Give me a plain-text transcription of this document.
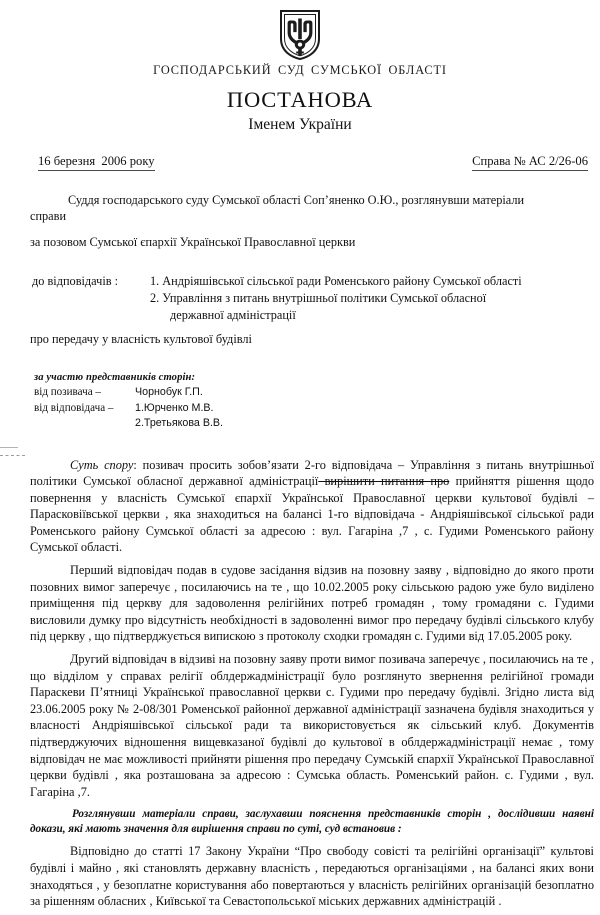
ГОСПОДАРСЬКИЙ СУД СУМСЬКОЇ ОБЛАСТІ
ПОСТАНОВА
Іменем України
16 березня  2006 року	Справа № АС 2/26-06
Суддя господарського суду Сумської області Соп’яненко О.Ю., розглянувши матеріали
справи
за позовом Сумської єпархії Української Православної церкви
до відповідачів :	1. Андріяшівської сільської ради Роменського району Сумської області
2. Управління з питань внутрішньої політики Сумської обласної
державної адміністрації
про передачу у власність культової будівлі
за участю представників сторін:
від позивача –	Чорнобук Г.П.
від відповідача –	1.Юрченко М.В.
2.Третьякова В.В.
Суть спору: позивач просить зобов’язати 2-го відповідача – Управління з питань внутрішньої політики Сумської обласної державної адміністрації вирішити питання про прийняття рішення щодо повернення у власність Сумської єпархії Української Православної церкви культової будівлі – Парасковіївської церкви , яка знаходиться на балансі 1-го відповідача - Андріяшівської сільської ради Роменського району Сумської області за адресою : вул. Гагаріна ,7 , с. Гудими Роменського району Сумської області.
Перший відповідач подав в судове засідання відзив на позовну заяву , відповідно до якого проти позовних вимог заперечує , посилаючись на те , що 10.02.2005 року сільською радою уже було виділено приміщення під церкву для задоволення релігійних потреб громадян , тому громадяни с. Гудими висловили думку про відсутність необхідності в задоволенні вимог про передачу будівлі сільського клубу під церкву , що підтверджується випискою з протоколу сходки громадян с. Гудими від 17.05.2005 року.
Другий відповідач в відзиві на позовну заяву проти вимог позивача заперечує , посилаючись на те , що відділом у справах релігії облдержадміністрації було розглянуто звернення релігійної громади Параскеви П’ятниці Української православної церкви с. Гудими про передачу будівлі. Згідно листа від 23.06.2005 року № 2-08/301 Роменської районної державної адміністрації зазначена будівля знаходиться у власності Андріяшівської сільської ради та використовується як сільський клуб. Документів підтверджуючих відношення вищевказаної будівлі до культової в облдержадміністрації немає , тому відповідач не має можливості прийняти рішення про передачу Сумській єпархії Української Православної церкви будівлі , яка розташована за адресою : Сумська область. Роменський район. с. Гудими , вул. Гагаріна ,7.
Розглянувши матеріали справи, заслухавши пояснення представників сторін , дослідивши наявні докази, які мають значення для вирішення справи по суті, суд встановив :
Відповідно до статті 17 Закону України “Про свободу совісті та релігійні організації” культові будівлі і майно , які становлять державну власність , передаються організаціями , на балансі яких вони знаходяться , у безоплатне користування або повертаються у власність релігійних організацій безоплатно за рішенням обласних , Київської та Севастопольської міських державних адміністрацій .
